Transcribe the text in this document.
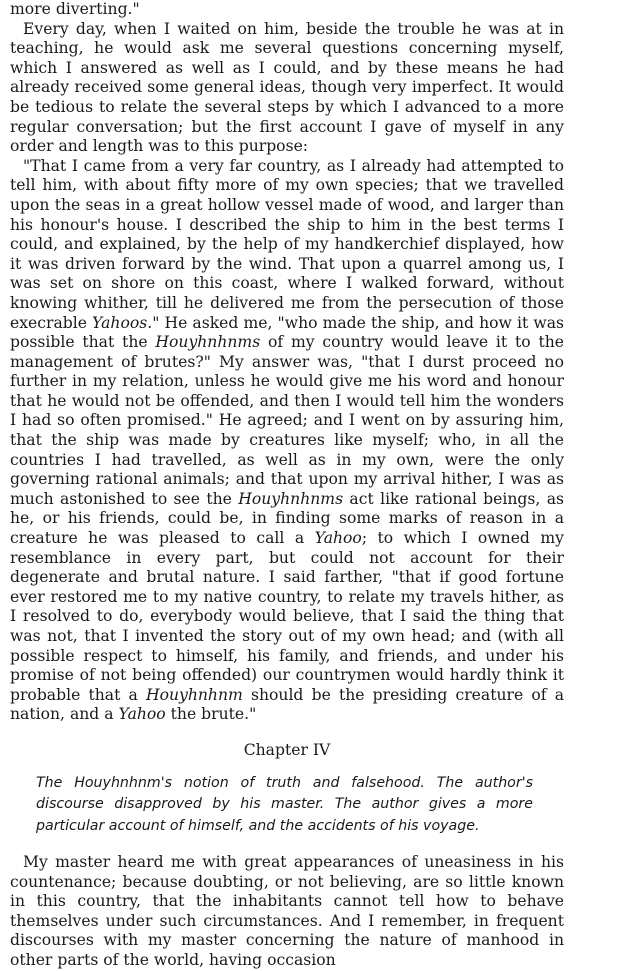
more diverting."

Every day, when I waited on him, beside the trouble he was at in teaching, he would ask me several questions concerning myself, which I answered as well as I could, and by these means he had already received some general ideas, though very imperfect. It would be tedious to relate the several steps by which I advanced to a more regular conversation; but the first account I gave of myself in any order and length was to this purpose:

"That I came from a very far country, as I already had attempted to tell him, with about fifty more of my own species; that we travelled upon the seas in a great hollow vessel made of wood, and larger than his honour's house. I described the ship to him in the best terms I could, and explained, by the help of my handkerchief displayed, how it was driven forward by the wind. That upon a quarrel among us, I was set on shore on this coast, where I walked forward, without knowing whither, till he delivered me from the persecution of those execrable Yahoos." He asked me, "who made the ship, and how it was possible that the Houyhnhnms of my country would leave it to the management of brutes?" My answer was, "that I durst proceed no further in my relation, unless he would give me his word and honour that he would not be offended, and then I would tell him the wonders I had so often promised." He agreed; and I went on by assuring him, that the ship was made by creatures like myself; who, in all the countries I had travelled, as well as in my own, were the only governing rational animals; and that upon my arrival hither, I was as much astonished to see the Houyhnhnms act like rational beings, as he, or his friends, could be, in finding some marks of reason in a creature he was pleased to call a Yahoo; to which I owned my resemblance in every part, but could not account for their degenerate and brutal nature. I said farther, "that if good fortune ever restored me to my native country, to relate my travels hither, as I resolved to do, everybody would believe, that I said the thing that was not, that I invented the story out of my own head; and (with all possible respect to himself, his family, and friends, and under his promise of not being offended) our countrymen would hardly think it probable that a Houyhnhnm should be the presiding creature of a nation, and a Yahoo the brute."

Chapter IV

The Houyhnhnm's notion of truth and falsehood. The author's discourse disapproved by his master. The author gives a more particular account of himself, and the accidents of his voyage.

My master heard me with great appearances of uneasiness in his countenance; because doubting, or not believing, are so little known in this country, that the inhabitants cannot tell how to behave themselves under such circumstances. And I remember, in frequent discourses with my master concerning the nature of manhood in other parts of the world, having occasion
